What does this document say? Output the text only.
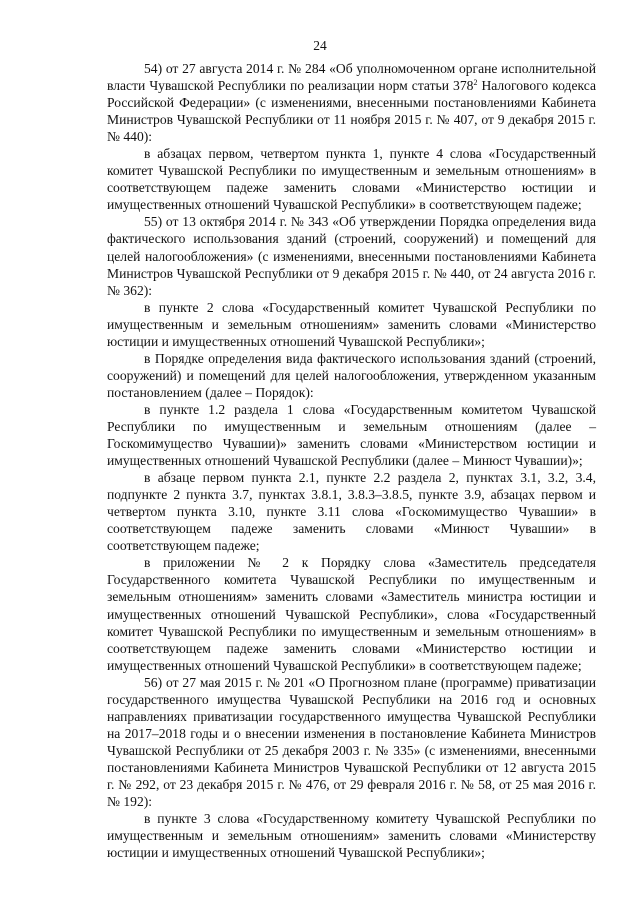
24

54) от 27 августа 2014 г. № 284 «Об уполномоченном органе исполнительной власти Чувашской Республики по реализации норм статьи $378^2$ Налогового кодекса Российской Федерации» (с изменениями, внесенными постановлениями Кабинета Министров Чувашской Республики от 11 ноября 2015 г. № 407, от 9 декабря 2015 г. № 440):

в абзацах первом, четвертом пункта 1, пункте 4 слова «Государственный комитет Чувашской Республики по имущественным и земельным отношениям» в соответствующем падеже заменить словами «Министерство юстиции и имущественных отношений Чувашской Республики» в соответствующем падеже;

55) от 13 октября 2014 г. № 343 «Об утверждении Порядка определения вида фактического использования зданий (строений, сооружений) и помещений для целей налогообложения» (с изменениями, внесенными постановлениями Кабинета Министров Чувашской Республики от 9 декабря 2015 г. № 440, от 24 августа 2016 г. № 362):

в пункте 2 слова «Государственный комитет Чувашской Республики по имущественным и земельным отношениям» заменить словами «Министерство юстиции и имущественных отношений Чувашской Республики»;

в Порядке определения вида фактического использования зданий (строений, сооружений) и помещений для целей налогообложения, утвержденном указанным постановлением (далее – Порядок):

в пункте 1.2 раздела 1 слова «Государственным комитетом Чувашской Республики по имущественным и земельным отношениям (далее – Госкомимущество Чувашии)» заменить словами «Министерством юстиции и имущественных отношений Чувашской Республики (далее – Минюст Чувашии)»;

в абзаце первом пункта 2.1, пункте 2.2 раздела 2, пунктах 3.1, 3.2, 3.4, подпункте 2 пункта 3.7, пунктах 3.8.1, 3.8.3–3.8.5, пункте 3.9, абзацах первом и четвертом пункта 3.10, пункте 3.11 слова «Госкомимущество Чувашии» в соответствующем падеже заменить словами «Минюст Чувашии» в соответствующем падеже;

в приложении № 2 к Порядку слова «Заместитель председателя Государственного комитета Чувашской Республики по имущественным и земельным отношениям» заменить словами «Заместитель министра юстиции и имущественных отношений Чувашской Республики», слова «Государственный комитет Чувашской Республики по имущественным и земельным отношениям» в соответствующем падеже заменить словами «Министерство юстиции и имущественных отношений Чувашской Республики» в соответствующем падеже;

56) от 27 мая 2015 г. № 201 «О Прогнозном плане (программе) приватизации государственного имущества Чувашской Республики на 2016 год и основных направлениях приватизации государственного имущества Чувашской Республики на 2017–2018 годы и о внесении изменения в постановление Кабинета Министров Чувашской Республики от 25 декабря 2003 г. № 335» (с изменениями, внесенными постановлениями Кабинета Министров Чувашской Республики от 12 августа 2015 г. № 292, от 23 декабря 2015 г. № 476, от 29 февраля 2016 г. № 58, от 25 мая 2016 г. № 192):

в пункте 3 слова «Государственному комитету Чувашской Республики по имущественным и земельным отношениям» заменить словами «Министерству юстиции и имущественных отношений Чувашской Республики»;
